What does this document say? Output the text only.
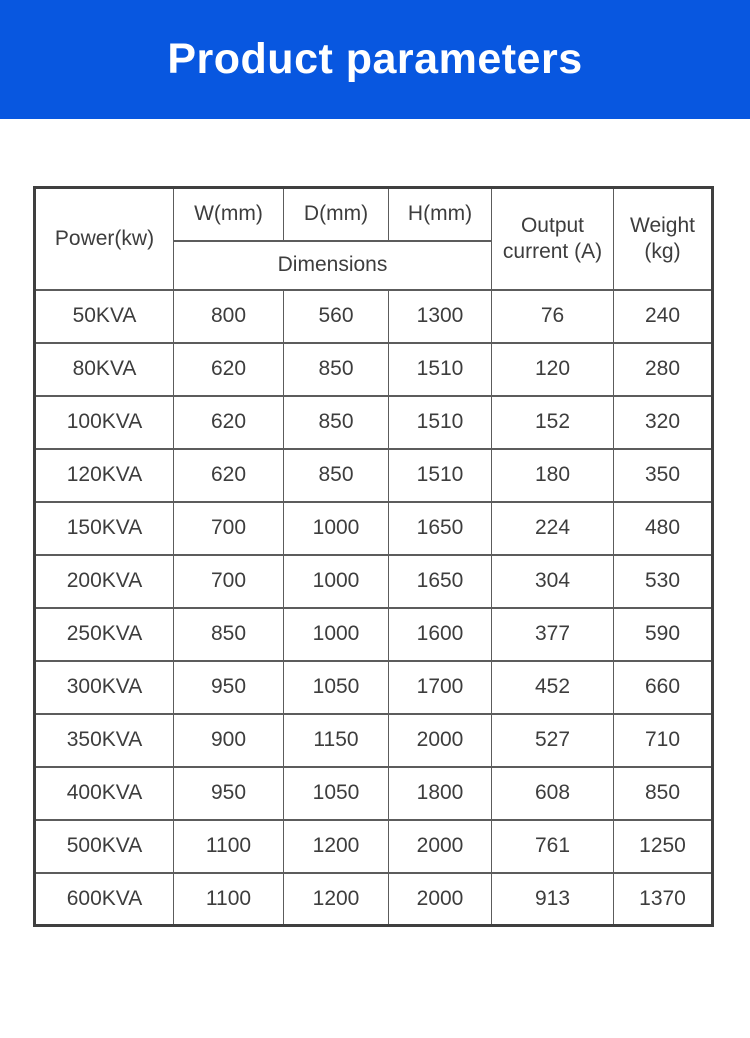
Product parameters
Power(kw)	W(mm)	D(mm)	H(mm)	Output current (A)	Weight (kg)
	Dimensions				
50KVA	800	560	1300	76	240
80KVA	620	850	1510	120	280
100KVA	620	850	1510	152	320
120KVA	620	850	1510	180	350
150KVA	700	1000	1650	224	480
200KVA	700	1000	1650	304	530
250KVA	850	1000	1600	377	590
300KVA	950	1050	1700	452	660
350KVA	900	1150	2000	527	710
400KVA	950	1050	1800	608	850
500KVA	1100	1200	2000	761	1250
600KVA	1100	1200	2000	913	1370
